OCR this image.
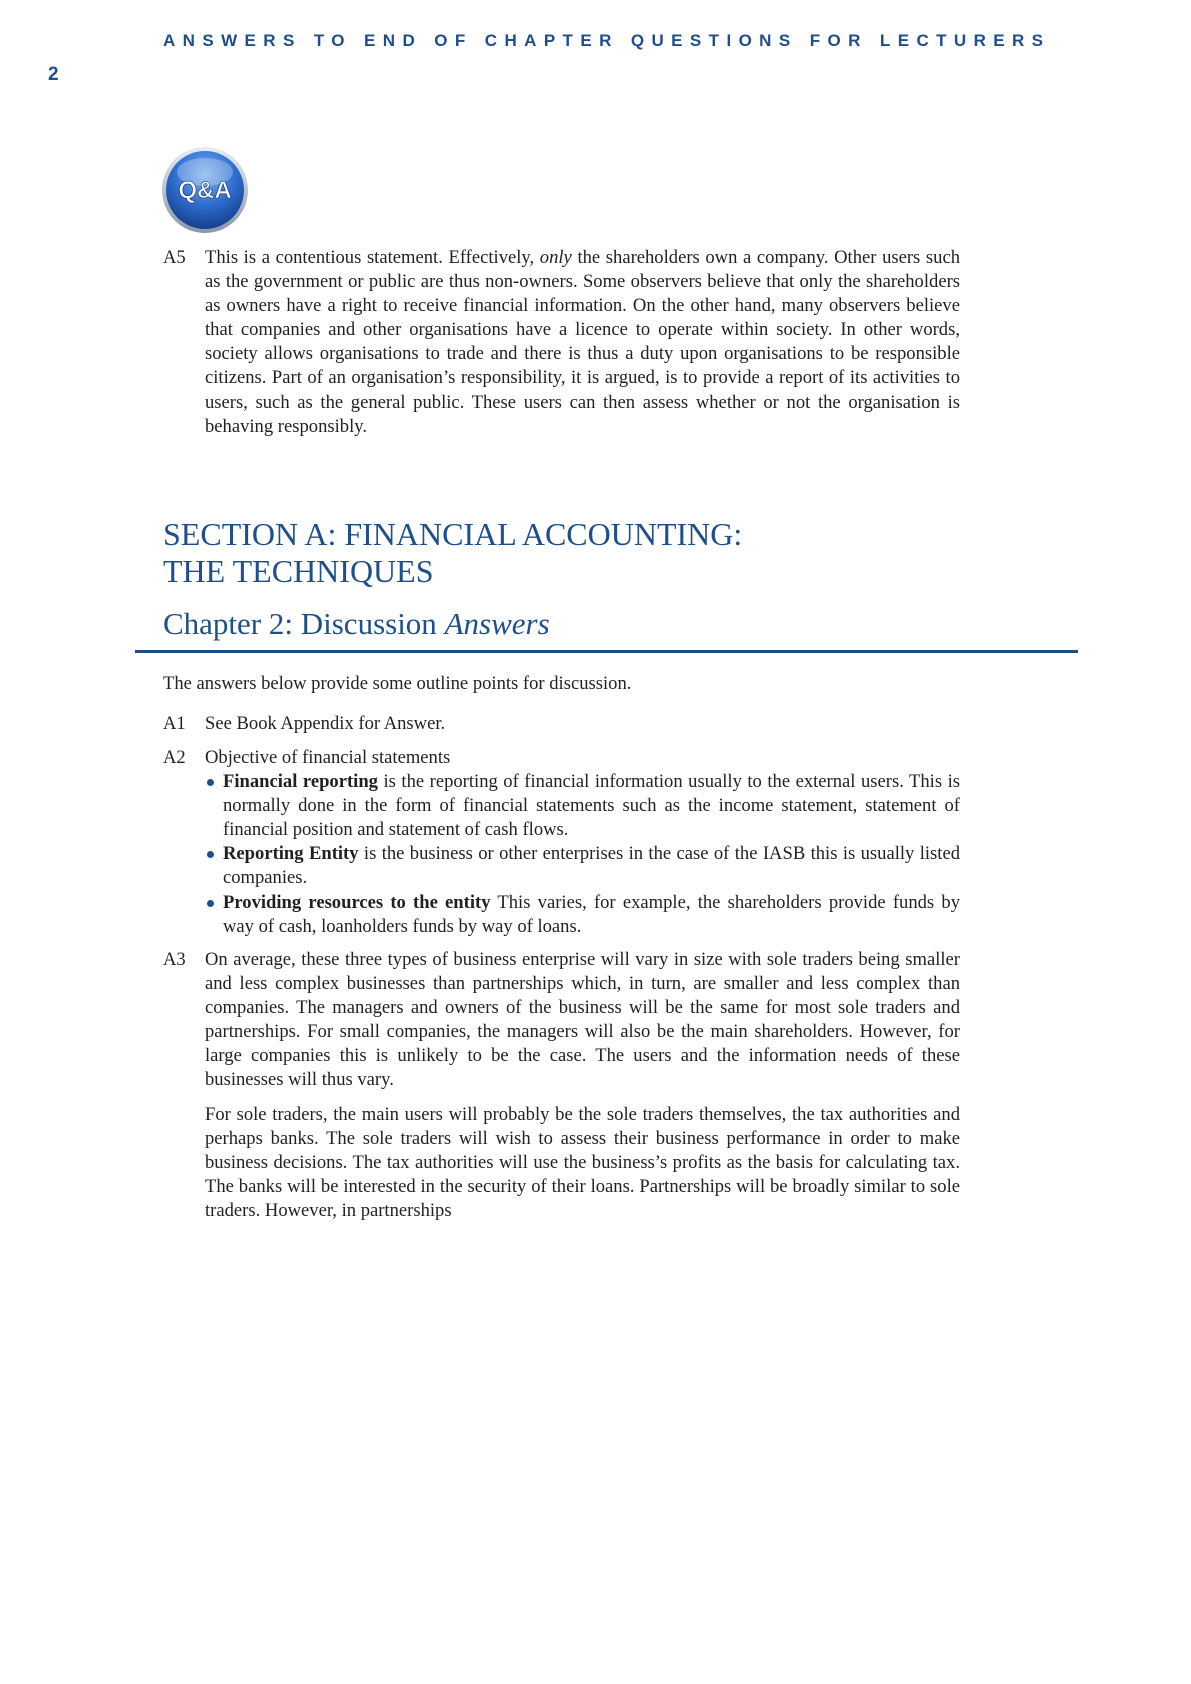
ANSWERS TO END OF CHAPTER QUESTIONS FOR LECTURERS
2
Q&A
A5 This is a contentious statement. Effectively, only the shareholders own a company. Other users such as the government or public are thus non-owners. Some observers believe that only the shareholders as owners have a right to receive financial information. On the other hand, many observers believe that companies and other organisations have a licence to operate within society. In other words, society allows organisations to trade and there is thus a duty upon organisations to be responsible citizens. Part of an organisation’s responsibility, it is argued, is to provide a report of its activities to users, such as the general public. These users can then assess whether or not the organisation is behaving responsibly.
SECTION A: FINANCIAL ACCOUNTING:
THE TECHNIQUES
Chapter 2: Discussion Answers
The answers below provide some outline points for discussion.
A1 See Book Appendix for Answer.
A2 Objective of financial statements
Financial reporting is the reporting of financial information usually to the external users. This is normally done in the form of financial statements such as the income statement, statement of financial position and statement of cash flows.
Reporting Entity is the business or other enterprises in the case of the IASB this is usually listed companies.
Providing resources to the entity This varies, for example, the shareholders provide funds by way of cash, loanholders funds by way of loans.
A3 On average, these three types of business enterprise will vary in size with sole traders being smaller and less complex businesses than partnerships which, in turn, are smaller and less complex than companies. The managers and owners of the business will be the same for most sole traders and partnerships. For small companies, the managers will also be the main shareholders. However, for large companies this is unlikely to be the case. The users and the information needs of these businesses will thus vary.
For sole traders, the main users will probably be the sole traders themselves, the tax authorities and perhaps banks. The sole traders will wish to assess their business performance in order to make business decisions. The tax authorities will use the business’s profits as the basis for calculating tax. The banks will be interested in the security of their loans. Partnerships will be broadly similar to sole traders. However, in partnerships
